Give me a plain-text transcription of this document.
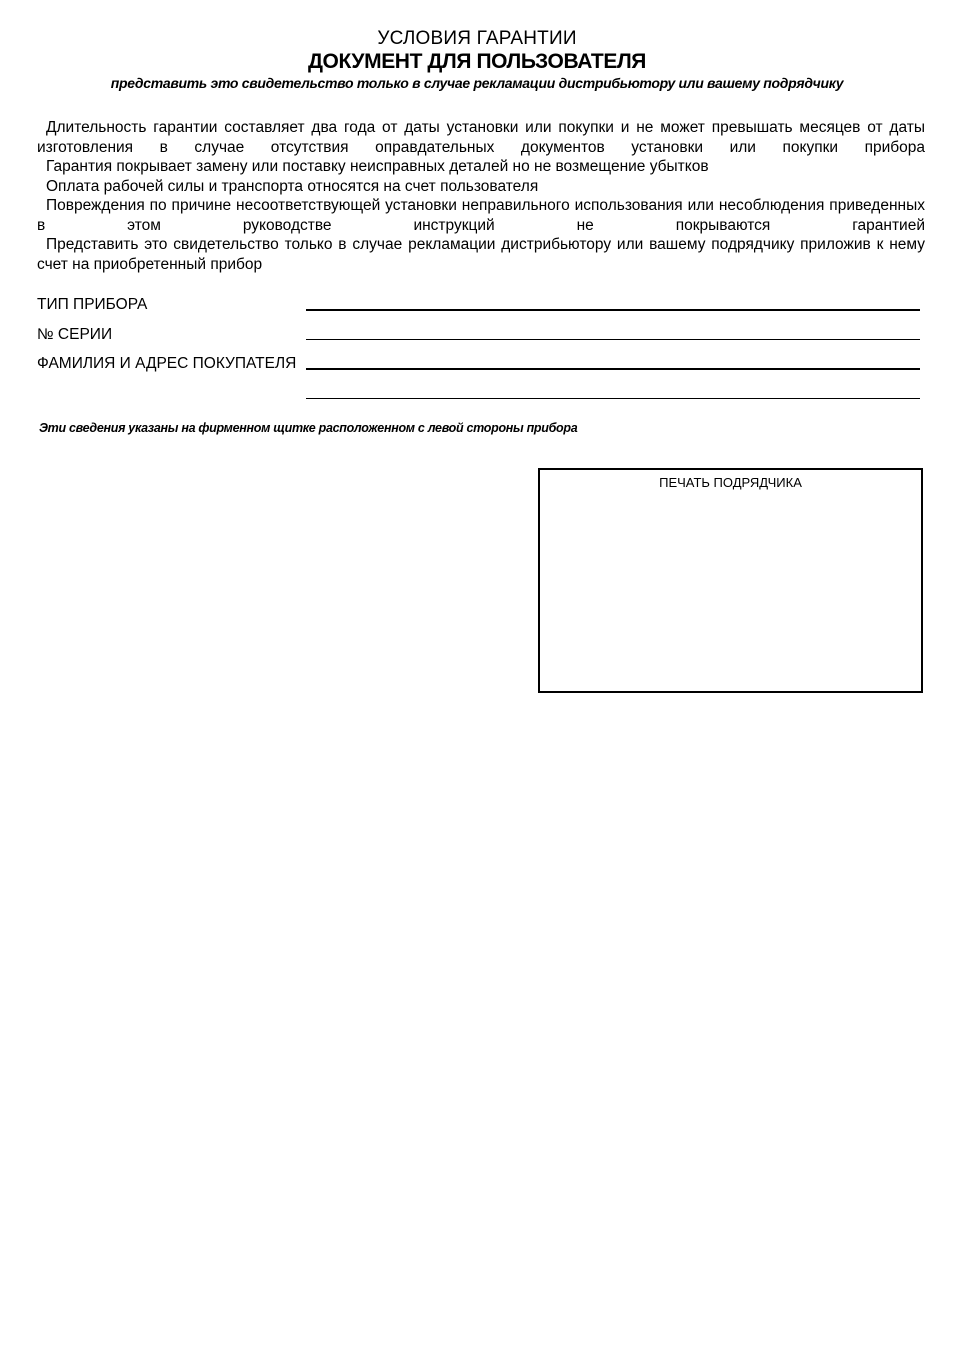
УСЛОВИЯ ГАРАНТИИ
ДОКУМЕНТ ДЛЯ ПОЛЬЗОВАТЕЛЯ
представить это свидетельство только в случае рекламации дистрибьютору или вашему подрядчику

Длительность гарантии составляет два года от даты установки или покупки и не может превышать месяцев от даты изготовления в случае отсутствия оправдательных документов установки или покупки прибора

Гарантия покрывает замену или поставку неисправных деталей но не возмещение убытков

Оплата рабочей силы и транспорта относятся на счет пользователя

Повреждения по причине несоответствующей установки неправильного использования или несоблюдения приведенных в этом руководстве инструкций не покрываются гарантией

Представить это свидетельство только в случае рекламации дистрибьютору или вашему подрядчику приложив к нему счет на приобретенный прибор

ТИП ПРИБОРА
№ СЕРИИ
ФАМИЛИЯ И АДРЕС ПОКУПАТЕЛЯ
Эти сведения указаны на фирменном щитке расположенном с левой стороны прибора
ПЕЧАТЬ ПОДРЯДЧИКА
